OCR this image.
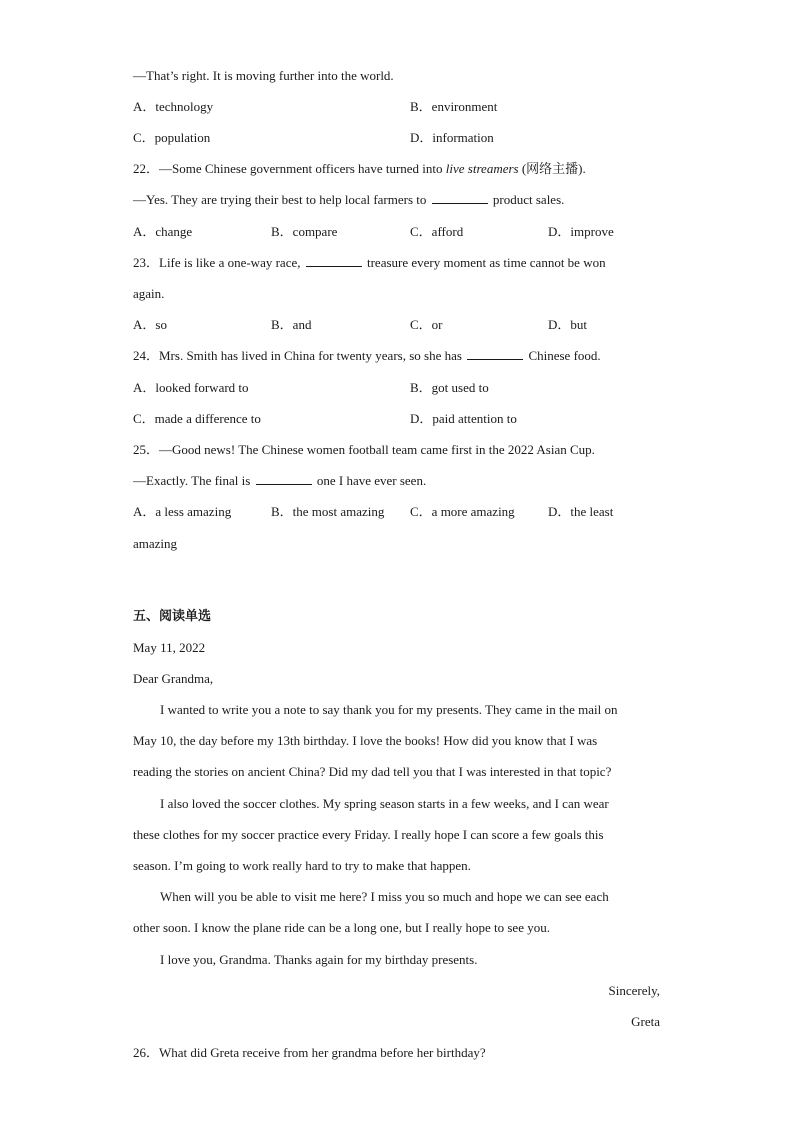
—That’s right. It is moving further into the world.
A．technology	B．environment
C．population	D．information
22．—Some Chinese government officers have turned into live streamers (网络主播).
—Yes. They are trying their best to help local farmers to	product sales.
A．change	B．compare	C．afford	D．improve
23．Life is like a one-way race,	treasure every moment as time cannot be won
again.
A．so	B．and	C．or	D．but
24．Mrs. Smith has lived in China for twenty years, so she has	Chinese food.
A．looked forward to	B．got used to
C．made a difference to	D．paid attention to
25．—Good news! The Chinese women football team came first in the 2022 Asian Cup.
—Exactly. The final is	one I have ever seen.
A．a less amazing	B．the most amazing C．a more amazing	D．the least
amazing
五、阅读单选
May 11, 2022
Dear Grandma,
I wanted to write you a note to say thank you for my presents. They came in the mail on
May 10, the day before my 13th birthday. I love the books! How did you know that I was
reading the stories on ancient China? Did my dad tell you that I was interested in that topic?
I also loved the soccer clothes. My spring season starts in a few weeks, and I can wear
these clothes for my soccer practice every Friday. I really hope I can score a few goals this
season. I’m going to work really hard to try to make that happen.
When will you be able to visit me here? I miss you so much and hope we can see each
other soon. I know the plane ride can be a long one, but I really hope to see you.
I love you, Grandma. Thanks again for my birthday presents.
Sincerely,
Greta
26．What did Greta receive from her grandma before her birthday?
